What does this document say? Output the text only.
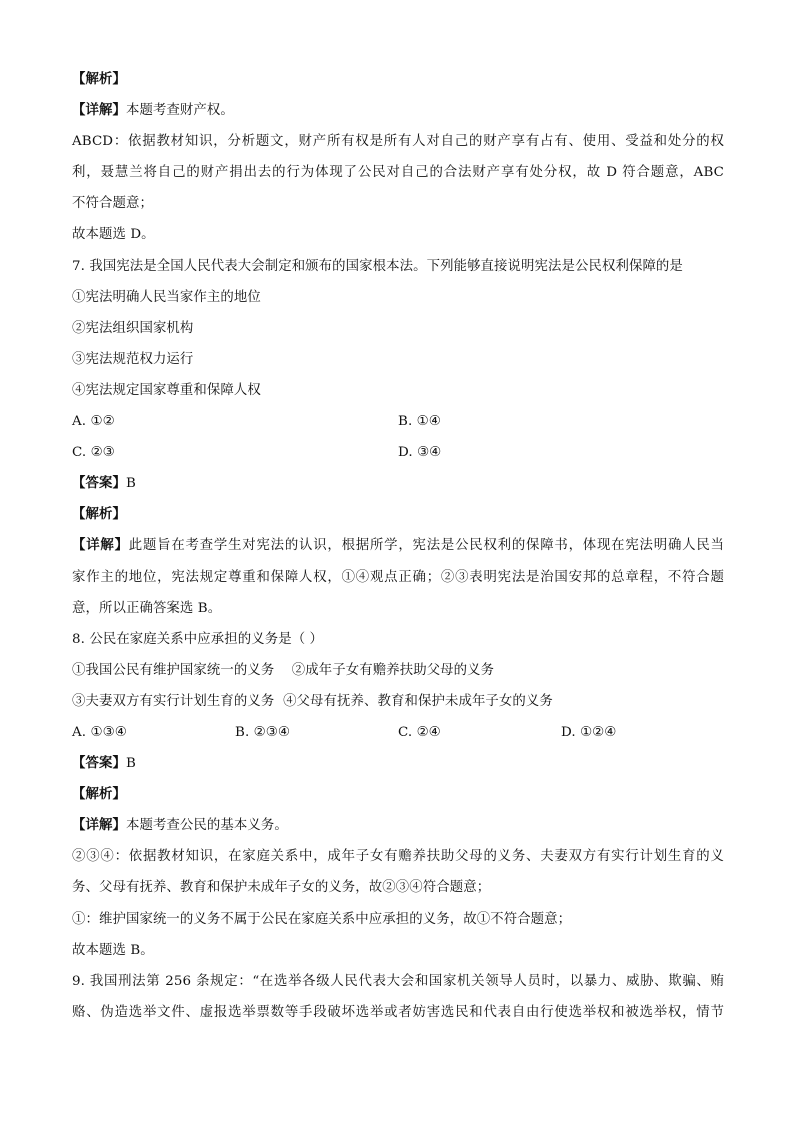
【解析】
【详解】本题考查财产权。
ABCD：依据教材知识，分析题文，财产所有权是所有人对自己的财产享有占有、使用、受益和处分的权
利，聂慧兰将自己的财产捐出去的行为体现了公民对自己的合法财产享有处分权，故 D 符合题意，ABC
不符合题意；
故本题选 D。
7. 我国宪法是全国人民代表大会制定和颁布的国家根本法。下列能够直接说明宪法是公民权利保障的是
①宪法明确人民当家作主的地位
②宪法组织国家机构
③宪法规范权力运行
④宪法规定国家尊重和保障人权
A. ①②	B. ①④
C. ②③	D. ③④
【答案】B
【解析】
【详解】此题旨在考查学生对宪法的认识，根据所学，宪法是公民权利的保障书，体现在宪法明确人民当
家作主的地位，宪法规定尊重和保障人权，①④观点正确；②③表明宪法是治国安邦的总章程，不符合题
意，所以正确答案选 B。
8. 公民在家庭关系中应承担的义务是（ ）
①我国公民有维护国家统一的义务    ②成年子女有赡养扶助父母的义务
③夫妻双方有实行计划生育的义务  ④父母有抚养、教育和保护未成年子女的义务
A. ①③④	B. ②③④	C. ②④	D. ①②④
【答案】B
【解析】
【详解】本题考查公民的基本义务。
②③④：依据教材知识，在家庭关系中，成年子女有赡养扶助父母的义务、夫妻双方有实行计划生育的义
务、父母有抚养、教育和保护未成年子女的义务，故②③④符合题意；
①：维护国家统一的义务不属于公民在家庭关系中应承担的义务，故①不符合题意；
故本题选 B。
9. 我国刑法第 256 条规定：“在选举各级人民代表大会和国家机关领导人员时，以暴力、威胁、欺骗、贿
赂、伪造选举文件、虚报选举票数等手段破坏选举或者妨害选民和代表自由行使选举权和被选举权，情节
